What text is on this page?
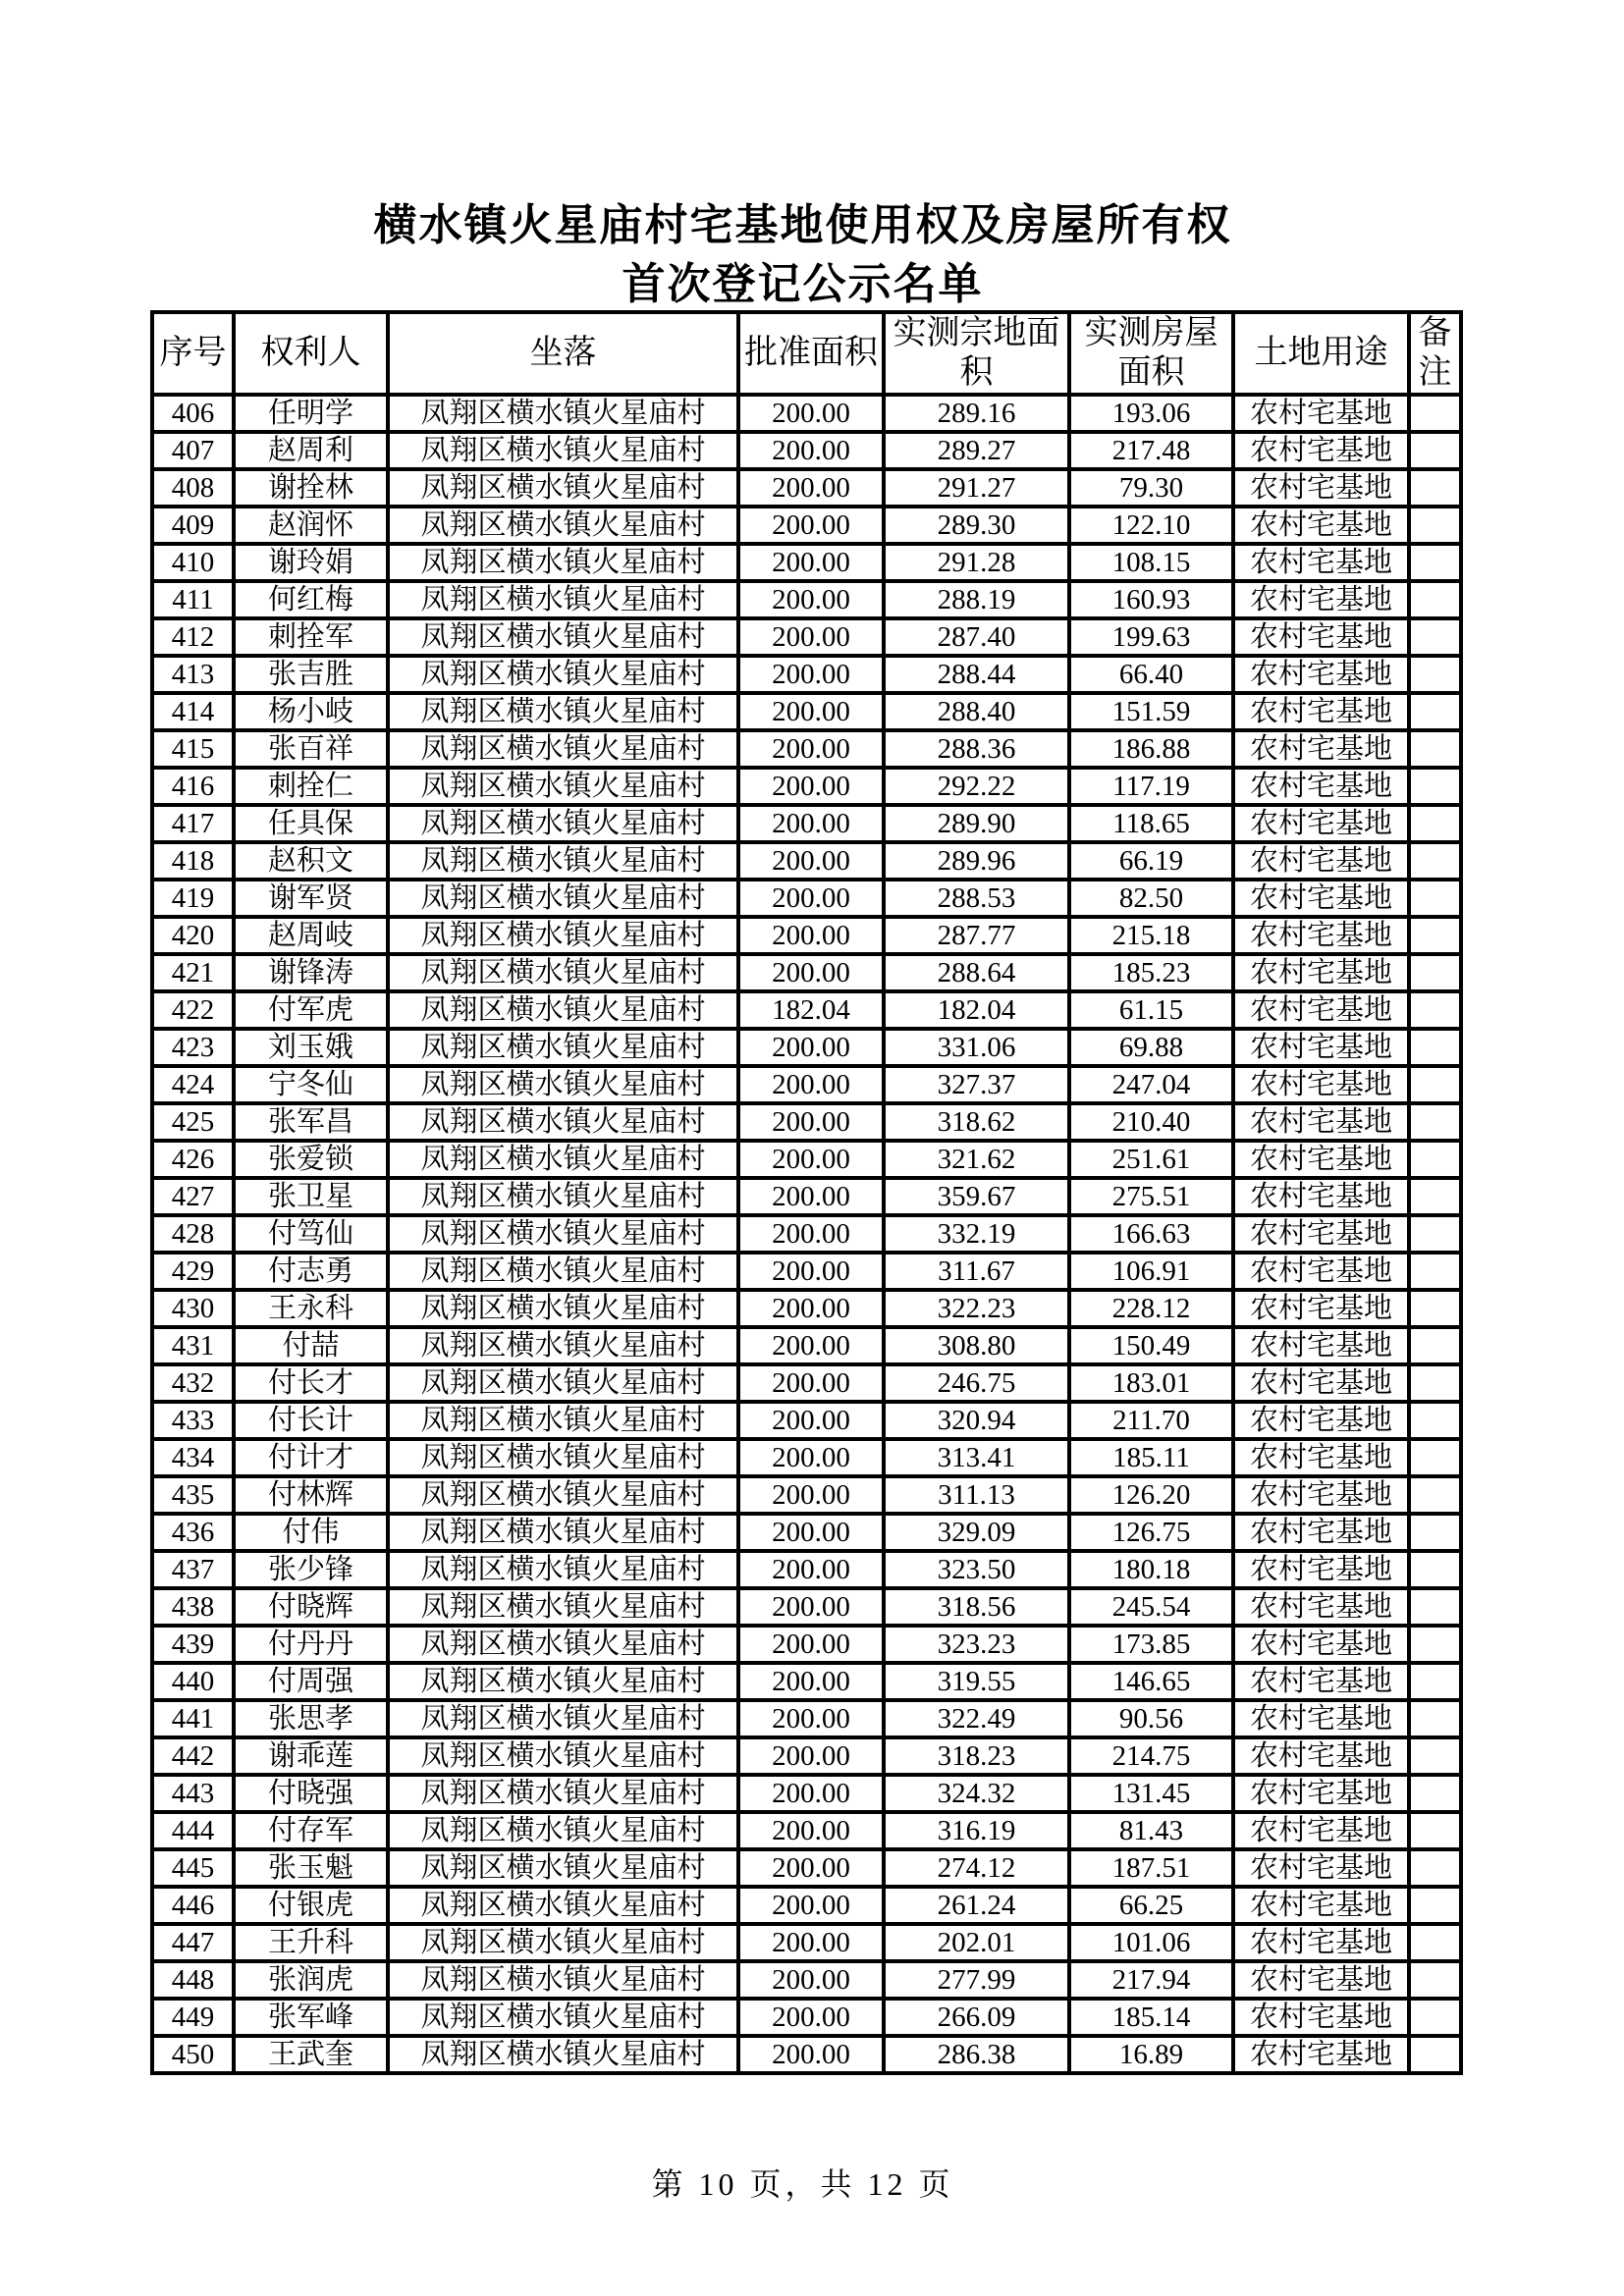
横水镇火星庙村宅基地使用权及房屋所有权
首次登记公示名单
序号	权利人	坐落	批准面积	实测宗地面积	实测房屋面积	土地用途	备注
406	任明学	凤翔区横水镇火星庙村	200.00	289.16	193.06	农村宅基地	
407	赵周利	凤翔区横水镇火星庙村	200.00	289.27	217.48	农村宅基地	
408	谢拴林	凤翔区横水镇火星庙村	200.00	291.27	79.30	农村宅基地	
409	赵润怀	凤翔区横水镇火星庙村	200.00	289.30	122.10	农村宅基地	
410	谢玲娟	凤翔区横水镇火星庙村	200.00	291.28	108.15	农村宅基地	
411	何红梅	凤翔区横水镇火星庙村	200.00	288.19	160.93	农村宅基地	
412	刺拴军	凤翔区横水镇火星庙村	200.00	287.40	199.63	农村宅基地	
413	张吉胜	凤翔区横水镇火星庙村	200.00	288.44	66.40	农村宅基地	
414	杨小岐	凤翔区横水镇火星庙村	200.00	288.40	151.59	农村宅基地	
415	张百祥	凤翔区横水镇火星庙村	200.00	288.36	186.88	农村宅基地	
416	刺拴仁	凤翔区横水镇火星庙村	200.00	292.22	117.19	农村宅基地	
417	任具保	凤翔区横水镇火星庙村	200.00	289.90	118.65	农村宅基地	
418	赵积文	凤翔区横水镇火星庙村	200.00	289.96	66.19	农村宅基地	
419	谢军贤	凤翔区横水镇火星庙村	200.00	288.53	82.50	农村宅基地	
420	赵周岐	凤翔区横水镇火星庙村	200.00	287.77	215.18	农村宅基地	
421	谢锋涛	凤翔区横水镇火星庙村	200.00	288.64	185.23	农村宅基地	
422	付军虎	凤翔区横水镇火星庙村	182.04	182.04	61.15	农村宅基地	
423	刘玉娥	凤翔区横水镇火星庙村	200.00	331.06	69.88	农村宅基地	
424	宁冬仙	凤翔区横水镇火星庙村	200.00	327.37	247.04	农村宅基地	
425	张军昌	凤翔区横水镇火星庙村	200.00	318.62	210.40	农村宅基地	
426	张爱锁	凤翔区横水镇火星庙村	200.00	321.62	251.61	农村宅基地	
427	张卫星	凤翔区横水镇火星庙村	200.00	359.67	275.51	农村宅基地	
428	付笃仙	凤翔区横水镇火星庙村	200.00	332.19	166.63	农村宅基地	
429	付志勇	凤翔区横水镇火星庙村	200.00	311.67	106.91	农村宅基地	
430	王永科	凤翔区横水镇火星庙村	200.00	322.23	228.12	农村宅基地	
431	付喆	凤翔区横水镇火星庙村	200.00	308.80	150.49	农村宅基地	
432	付长才	凤翔区横水镇火星庙村	200.00	246.75	183.01	农村宅基地	
433	付长计	凤翔区横水镇火星庙村	200.00	320.94	211.70	农村宅基地	
434	付计才	凤翔区横水镇火星庙村	200.00	313.41	185.11	农村宅基地	
435	付林辉	凤翔区横水镇火星庙村	200.00	311.13	126.20	农村宅基地	
436	付伟	凤翔区横水镇火星庙村	200.00	329.09	126.75	农村宅基地	
437	张少锋	凤翔区横水镇火星庙村	200.00	323.50	180.18	农村宅基地	
438	付晓辉	凤翔区横水镇火星庙村	200.00	318.56	245.54	农村宅基地	
439	付丹丹	凤翔区横水镇火星庙村	200.00	323.23	173.85	农村宅基地	
440	付周强	凤翔区横水镇火星庙村	200.00	319.55	146.65	农村宅基地	
441	张思孝	凤翔区横水镇火星庙村	200.00	322.49	90.56	农村宅基地	
442	谢乖莲	凤翔区横水镇火星庙村	200.00	318.23	214.75	农村宅基地	
443	付晓强	凤翔区横水镇火星庙村	200.00	324.32	131.45	农村宅基地	
444	付存军	凤翔区横水镇火星庙村	200.00	316.19	81.43	农村宅基地	
445	张玉魁	凤翔区横水镇火星庙村	200.00	274.12	187.51	农村宅基地	
446	付银虎	凤翔区横水镇火星庙村	200.00	261.24	66.25	农村宅基地	
447	王升科	凤翔区横水镇火星庙村	200.00	202.01	101.06	农村宅基地	
448	张润虎	凤翔区横水镇火星庙村	200.00	277.99	217.94	农村宅基地	
449	张军峰	凤翔区横水镇火星庙村	200.00	266.09	185.14	农村宅基地	
450	王武奎	凤翔区横水镇火星庙村	200.00	286.38	16.89	农村宅基地	
第 10 页，共 12 页
